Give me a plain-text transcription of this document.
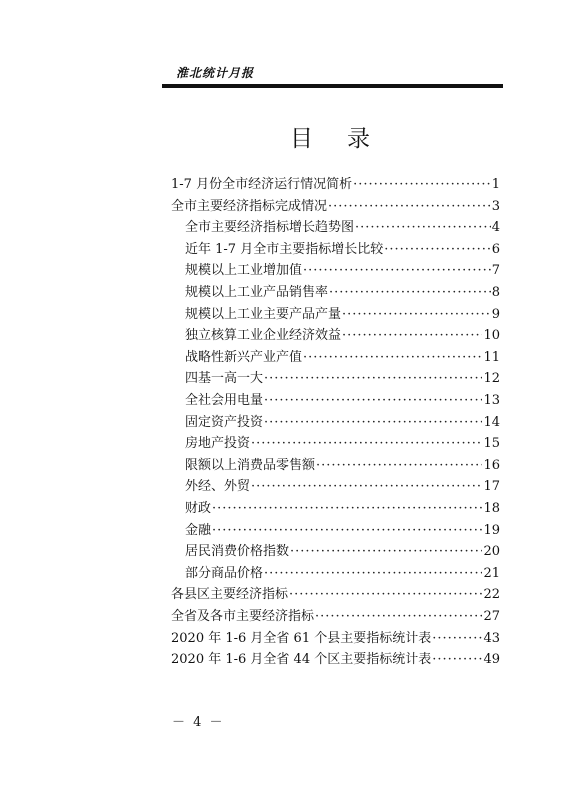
淮北统计月报
目录
1-7 月份全市经济运行情况简析 ·····	1
全市主要经济指标完成情况 ·····	3
全市主要经济指标增长趋势图 ·····	4
近年 1-7 月全市主要指标增长比较 ·····	6
规模以上工业增加值 ·····	7
规模以上工业产品销售率 ·····	8
规模以上工业主要产品产量 ·····	9
独立核算工业企业经济效益 ·····	10
战略性新兴产业产值 ·····	11
四基一高一大 ·····	12
全社会用电量 ·····	13
固定资产投资 ·····	14
房地产投资 ·····	15
限额以上消费品零售额 ·····	16
外经、外贸 ·····	17
财政 ·····	18
金融 ·····	19
居民消费价格指数 ·····	20
部分商品价格 ·····	21
各县区主要经济指标 ·····	22
全省及各市主要经济指标 ·····	27
2020 年 1-6 月全省 61 个县主要指标统计表 ·····	43
2020 年 1-6 月全省 44 个区主要指标统计表 ·····	49
－ 4 －
